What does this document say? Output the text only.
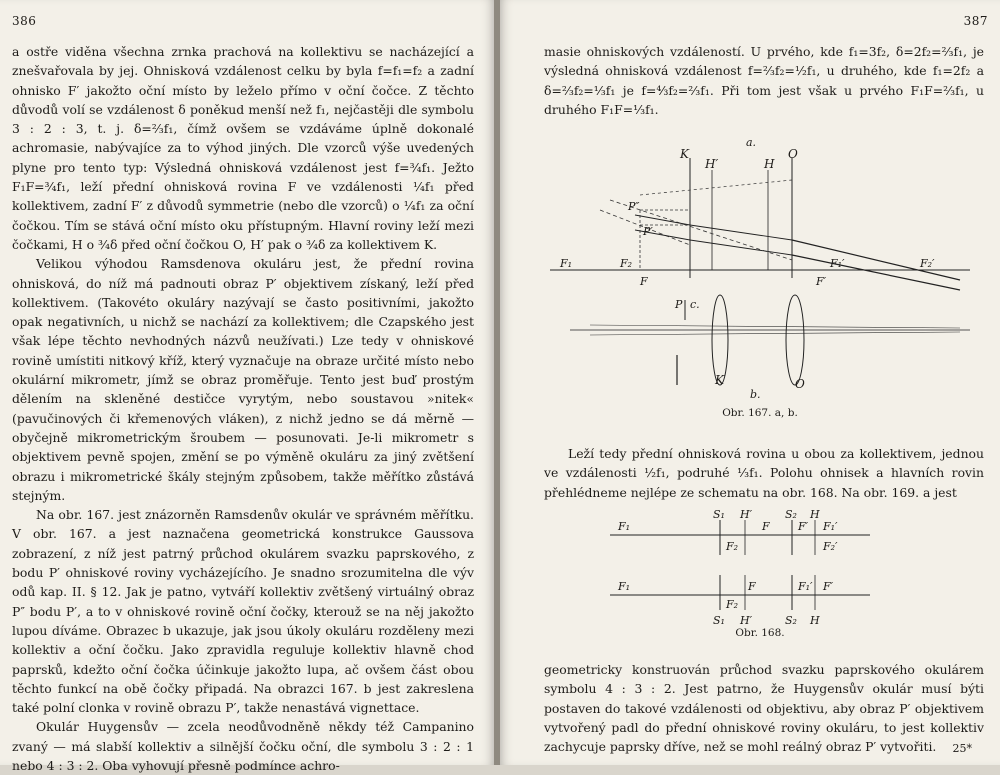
386

a ostře viděna všechna zrnka prachová na kollektivu se nacházející a znešvařovala by jej. Ohnisková vzdálenost celku by byla f=f₁=f₂ a zadní ohnisko F′ jakožto oční místo by leželo přímo v oční čočce. Z těchto důvodů volí se vzdálenost δ poněkud menší než f₁, nejčastěji dle symbolu 3 : 2 : 3, t. j. δ=⅔f₁, čímž ovšem se vzdáváme úplně dokonalé achromasie, nabývajíce za to výhod jiných. Dle vzorců výše uvedených plyne pro tento typ: Výsledná ohnisková vzdálenost jest f=¾f₁. Ježto F₁F=¾f₁, leží přední ohnisková rovina F ve vzdálenosti ¼f₁ před kollektivem, zadní F′ z důvodů symmetrie (nebo dle vzorců) o ¼f₁ za oční čočkou. Tím se stává oční místo oku přístupným. Hlavní roviny leží mezi čočkami, H o ¾δ před oční čočkou O, H′ pak o ¾δ za kollektivem K.

Velikou výhodou Ramsdenova okuláru jest, že přední rovina ohnisková, do níž má padnouti obraz P′ objektivem získaný, leží před kollektivem. (Takovéto okuláry nazývají se často positivními, jakožto opak negativních, u nichž se nachází za kollektivem; dle Czapského jest však lépe těchto nevhodných názvů neužívati.) Lze tedy v ohniskové rovině umístiti nitkový kříž, který vyznačuje na obraze určité místo nebo okulární mikrometr, jímž se obraz proměřuje. Tento jest buď prostým dělením na skleněné destičce vyrytým, nebo soustavou »nitek« (pavučinových či křemenových vláken), z nichž jedno se dá měrně — obyčejně mikrometrickým šroubem — posunovati. Je-li mikrometr s objektivem pevně spojen, změní se po výměně okuláru za jiný zvětšení obrazu i mikrometrické škály stejným způsobem, takže měřítko zůstává stejným.

Na obr. 167. jest znázorněn Ramsdenův okulár ve správném měřítku. V obr. 167. a jest naznačena geometrická konstrukce Gaussova zobrazení, z níž jest patrný průchod okulárem svazku paprskového, z bodu P′ ohniskové roviny vycházejícího. Je snadno srozumitelna dle výv odů kap. II. § 12. Jak je patno, vytváří kollektiv zvětšený virtuálný obraz P″ bodu P′, a to v ohniskové rovině oční čočky, kterouž se na něj jakožto lupou díváme. Obrazec b ukazuje, jak jsou úkoly okuláru rozděleny mezi kollektiv a oční čočku. Jako zpravidla reguluje kollektiv hlavně chod paprsků, kdežto oční čočka účinkuje jakožto lupa, ač ovšem část obou těchto funkcí na obě čočky připadá. Na obrazci 167. b jest zakreslena také polní clonka v rovině obrazu P′, takže nenastává vignettace.

Okulár Huygensův — zcela neodůvodněně někdy též Campanino zvaný — má slabší kollektiv a silnější čočku oční, dle symbolu 3 : 2 : 1 nebo 4 : 3 : 2. Oba vyhovují přesně podmínce achro-

387

masie ohniskových vzdáleností. U prvého, kde f₁=3f₂, δ=2f₂=⅔f₁, je výsledná ohnisková vzdálenost f=⅔f₂=½f₁, u druhého, kde f₁=2f₂ a δ=⅔f₂=⅓f₁ je f=⁴⁄₃f₂=⅔f₁. Při tom jest však u prvého F₁F=⅔f₁, u druhého F₁F=⅓f₁.

a.
K
H′	H
O
P″
P′
F₁	F₂
F
F₁′
F′
F₂′
P c.
K	O
b.
Obr. 167. a, b.

Leží tedy přední ohnisková rovina u obou za kollektivem, jednou ve vzdálenosti ½f₁, podruhé ⅓f₁. Polohu ohnisek a hlavních rovin přehlédneme nejlépe ze schematu na obr. 168. Na obr. 169. a jest

F₁
S₁ H′
F
S₂ H
F′ F₁′
F₂	F₂′
F₁	F	F₁′ F′
F₂
S₁ H′	S₂ H
Obr. 168.

geometricky konstruován průchod svazku paprskového okulárem symbolu 4 : 3 : 2. Jest patrno, že Huygensův okulár musí býti postaven do takové vzdálenosti od objektivu, aby obraz P′ objektivem vytvořený padl do přední ohniskové roviny okuláru, to jest kollektiv zachycuje paprsky dříve, než se mohl reálný obraz P′ vytvořiti.	25*
